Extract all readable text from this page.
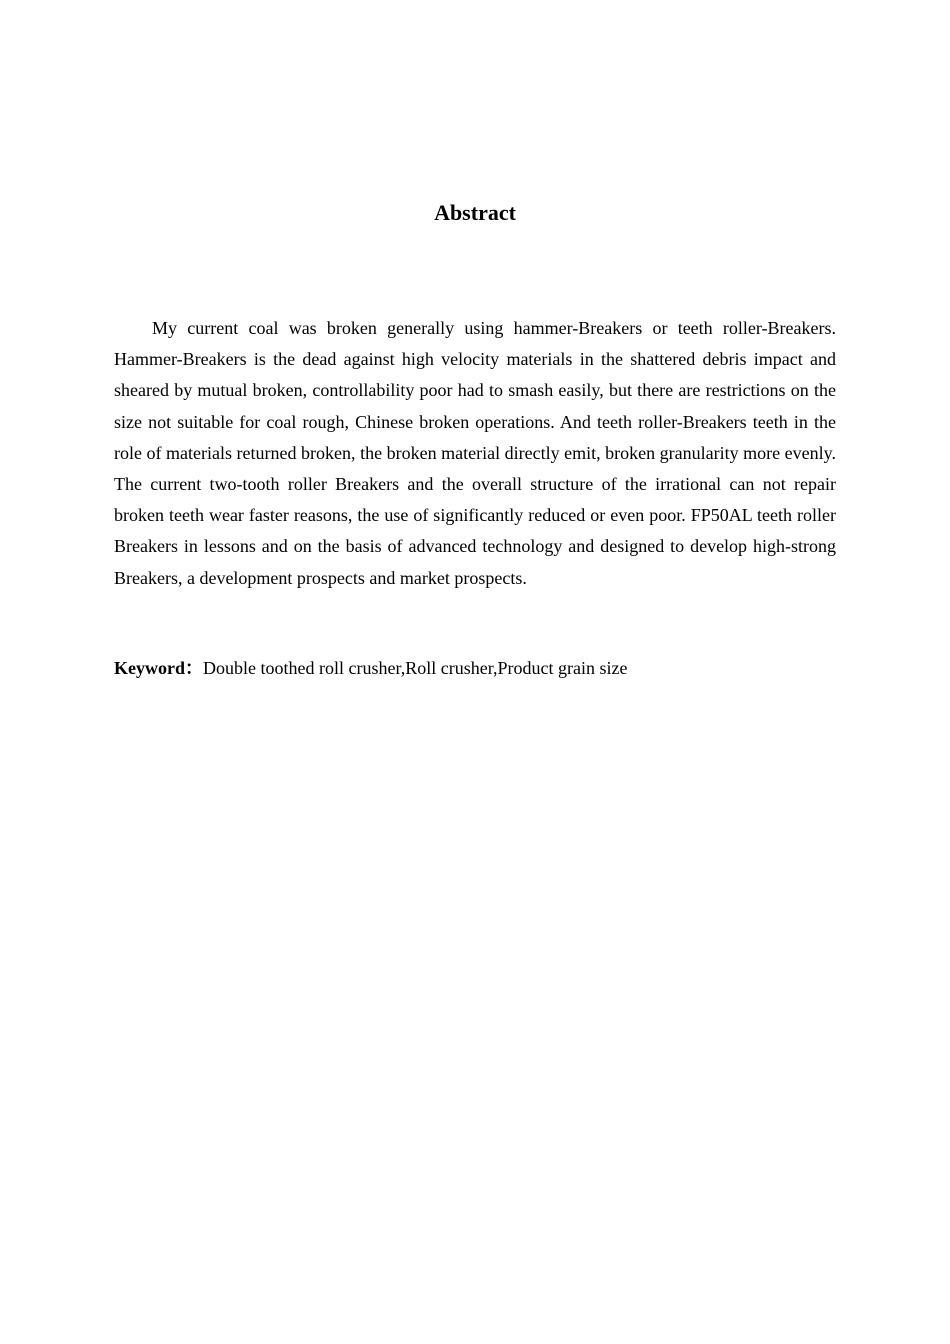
Abstract

My current coal was broken generally using hammer-Breakers or teeth roller-Breakers. Hammer-Breakers is the dead against high velocity materials in the shattered debris impact and sheared by mutual broken, controllability poor had to smash easily, but there are restrictions on the size not suitable for coal rough, Chinese broken operations. And teeth roller-Breakers teeth in the role of materials returned broken, the broken material directly emit, broken granularity more evenly. The current two-tooth roller Breakers and the overall structure of the irrational can not repair broken teeth wear faster reasons, the use of significantly reduced or even poor. FP50AL teeth roller Breakers in lessons and on the basis of advanced technology and designed to develop high-strong Breakers, a development prospects and market prospects.

Keyword：Double toothed roll crusher,Roll crusher,Product grain size
